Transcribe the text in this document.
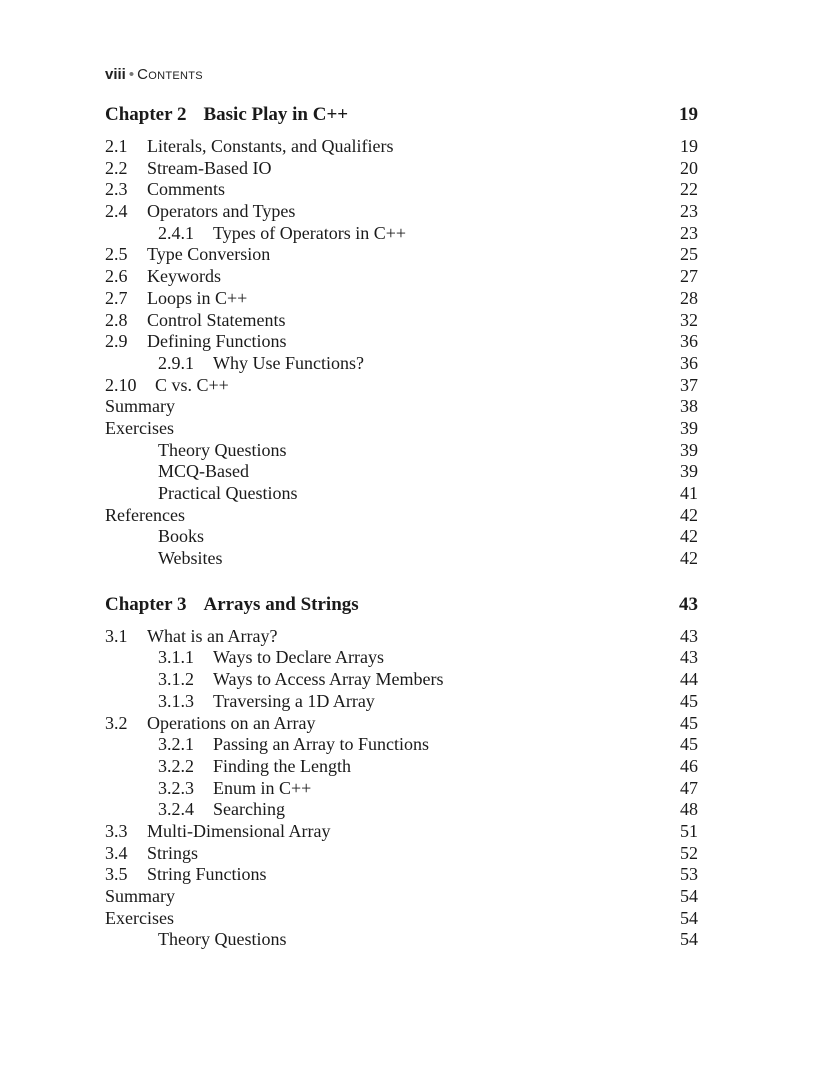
viii • Contents
Chapter 2 Basic Play in C++	19
2.1	Literals, Constants, and Qualifiers	19
2.2	Stream-Based IO	20
2.3	Comments	22
2.4	Operators and Types	23
2.4.1	Types of Operators in C++	23
2.5	Type Conversion	25
2.6	Keywords	27
2.7	Loops in C++	28
2.8	Control Statements	32
2.9	Defining Functions	36
2.9.1	Why Use Functions?	36
2.10	C vs. C++	37
Summary	38
Exercises	39
Theory Questions	39
MCQ-Based	39
Practical Questions	41
References	42
Books	42
Websites	42
Chapter 3 Arrays and Strings	43
3.1	What is an Array?	43
3.1.1	Ways to Declare Arrays	43
3.1.2	Ways to Access Array Members	44
3.1.3	Traversing a 1D Array	45
3.2	Operations on an Array	45
3.2.1	Passing an Array to Functions	45
3.2.2	Finding the Length	46
3.2.3	Enum in C++	47
3.2.4	Searching	48
3.3	Multi-Dimensional Array	51
3.4	Strings	52
3.5	String Functions	53
Summary	54
Exercises	54
Theory Questions	54
